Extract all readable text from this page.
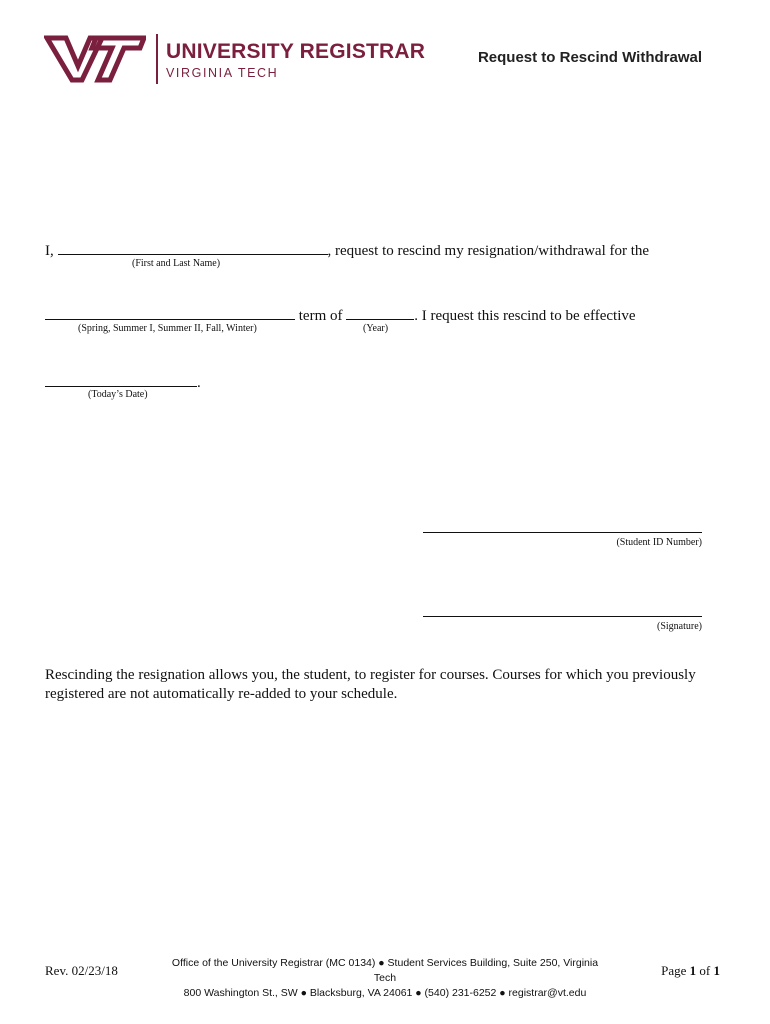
UNIVERSITY REGISTRAR
VIRGINIA TECH
Request to Rescind Withdrawal
I,	, request to rescind my resignation/withdrawal for the
(First and Last Name)
term of	. I request this rescind to be effective
(Spring, Summer I, Summer II, Fall, Winter)	(Year)
.
(Today’s Date)
(Student ID Number)
(Signature)
Rescinding the resignation allows you, the student, to register for courses. Courses for which you previously registered are not automatically re-added to your schedule.
Rev. 02/23/18	Office of the University Registrar (MC 0134) ● Student Services Building, Suite 250, Virginia Tech
800 Washington St., SW ● Blacksburg, VA 24061 ● (540) 231-6252 ● registrar@vt.edu
Page 1 of 1
